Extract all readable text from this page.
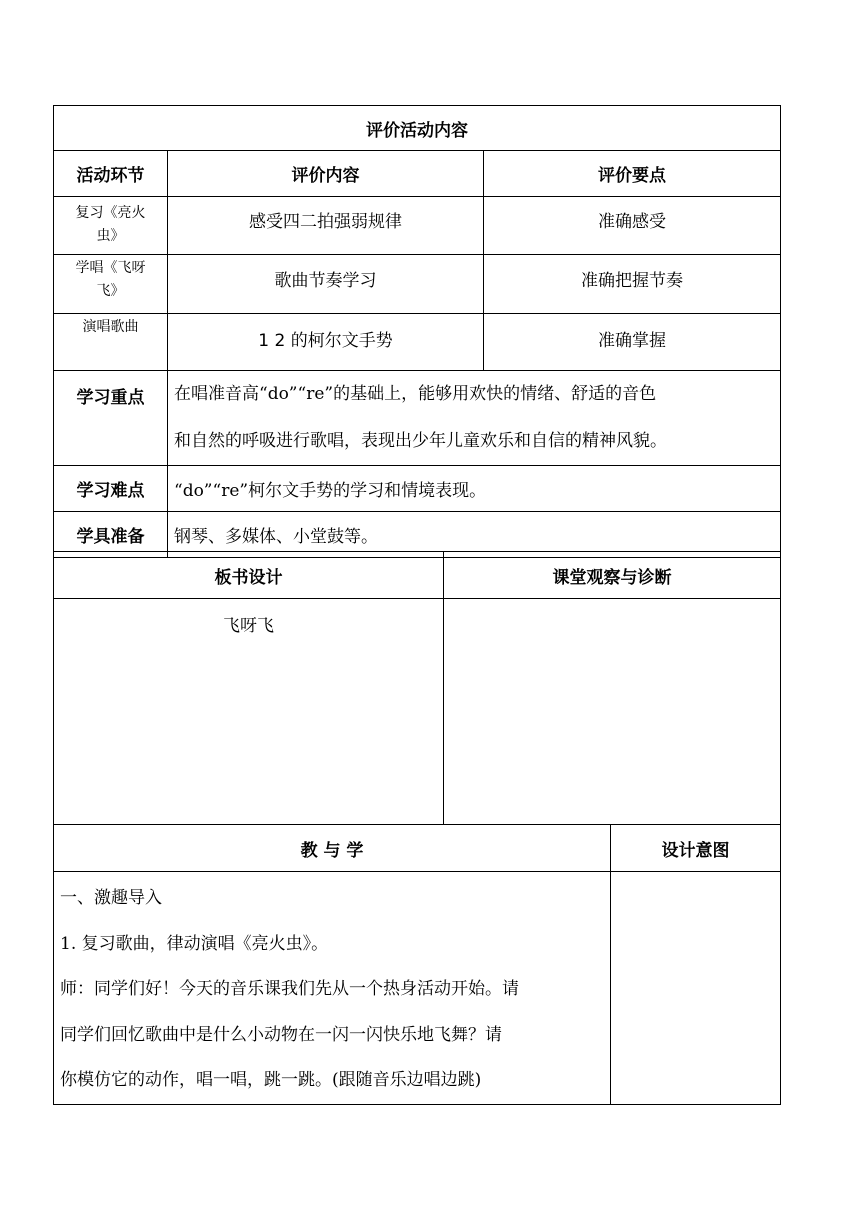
评价活动内容		
活动环节	评价内容	评价要点
复习《亮火虫》	感受四二拍强弱规律	准确感受
学唱《飞呀飞》	歌曲节奏学习	准确把握节奏
演唱歌曲	1 2 的柯尔文手势	准确掌握
学习重点	在唱准音高“do”“re”的基础上，能够用欢快的情绪、舒适的音色
和自然的呼吸进行歌唱，表现出少年儿童欢乐和自信的精神风貌。	

学习难点	“do”“re”柯尔文手势的学习和情境表现。	
学具准备	钢琴、多媒体、小堂鼓等。	
板书设计	课堂观察与诊断
飞呀飞	
教 与 学	设计意图

一、激趣导入
1. 复习歌曲，律动演唱《亮火虫》。
师：同学们好！今天的音乐课我们先从一个热身活动开始。请
同学们回忆歌曲中是什么小动物在一闪一闪快乐地飞舞？请
你模仿它的动作，唱一唱，跳一跳。(跟随音乐边唱边跳)	
